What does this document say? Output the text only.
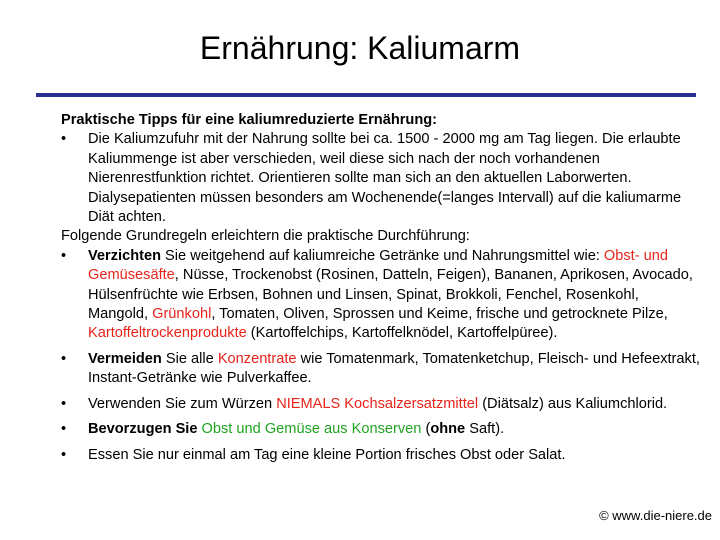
Ernährung: Kaliumarm

Praktische Tipps für eine kaliumreduzierte Ernährung:

• Die Kaliumzufuhr mit der Nahrung sollte bei ca. 1500 - 2000 mg am Tag liegen. Die erlaubte Kaliummenge ist aber verschieden, weil diese sich nach der noch vorhandenen Nierenrestfunktion richtet. Orientieren sollte man sich an den aktuellen Laborwerten. Dialysepatienten müssen besonders am Wochenende(=langes Intervall) auf die kaliumarme Diät achten.

Folgende Grundregeln erleichtern die praktische Durchführung:

• Verzichten Sie weitgehend auf kaliumreiche Getränke und Nahrungsmittel wie: Obst- und Gemüsesäfte, Nüsse, Trockenobst (Rosinen, Datteln, Feigen), Bananen, Aprikosen, Avocado, Hülsenfrüchte wie Erbsen, Bohnen und Linsen, Spinat, Brokkoli, Fenchel, Rosenkohl, Mangold, Grünkohl, Tomaten, Oliven, Sprossen und Keime, frische und getrocknete Pilze, Kartoffeltrockenprodukte (Kartoffelchips, Kartoffelknödel, Kartoffelpüree).

• Vermeiden Sie alle Konzentrate wie Tomatenmark, Tomatenketchup, Fleisch- und Hefeextrakt, Instant-Getränke wie Pulverkaffee.

• Verwenden Sie zum Würzen NIEMALS Kochsalzersatzmittel (Diätsalz) aus Kaliumchlorid.

• Bevorzugen Sie Obst und Gemüse aus Konserven (ohne Saft).

• Essen Sie nur einmal am Tag eine kleine Portion frisches Obst oder Salat.

© www.die-niere.de
